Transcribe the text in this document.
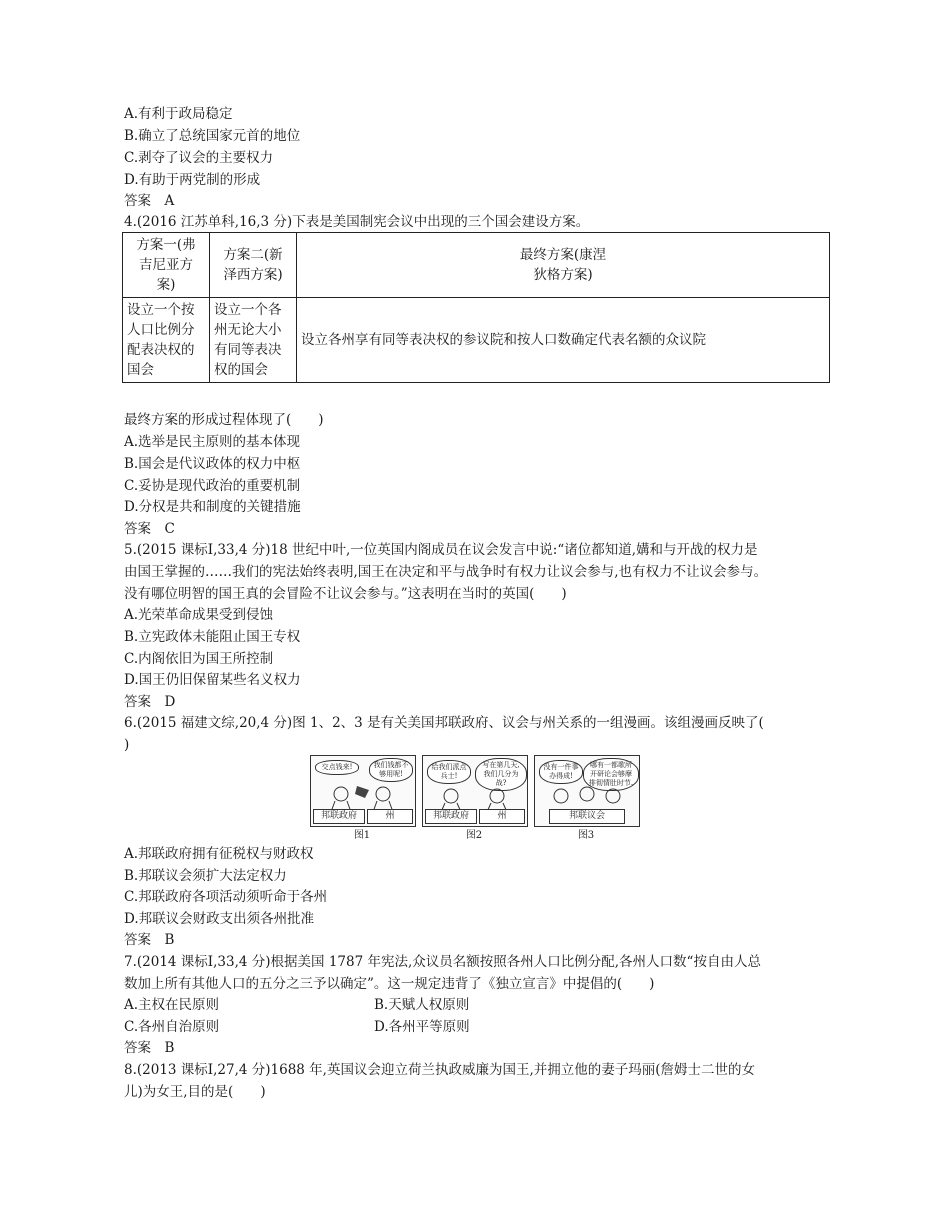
A.有利于政局稳定
B.确立了总统国家元首的地位
C.剥夺了议会的主要权力
D.有助于两党制的形成
答案　A
4.(2016 江苏单科,16,3 分)下表是美国制宪会议中出现的三个国会建设方案。
方案一(弗吉尼亚方案)	方案二(新泽西方案)	最终方案(康涅狄格方案)

设立一个按人口比例分配表决权的国会	设立一个各州无论大小有同等表决权的国会	设立各州享有同等表决权的参议院和按人口数确定代表名额的众议院
最终方案的形成过程体现了(　　)
A.选举是民主原则的基本体现
B.国会是代议政体的权力中枢
C.妥协是现代政治的重要机制
D.分权是共和制度的关键措施
答案　C
5.(2015 课标Ⅰ,33,4 分)18 世纪中叶,一位英国内阁成员在议会发言中说:“诸位都知道,媾和与开战的权力是
由国王掌握的……我们的宪法始终表明,国王在决定和平与战争时有权力让议会参与,也有权力不让议会参与。
没有哪位明智的国王真的会冒险不让议会参与。”这表明在当时的英国(　　)
A.光荣革命成果受到侵蚀
B.立宪政体未能阻止国王专权
C.内阁依旧为国王所控制
D.国王仍旧保留某些名义权力
答案　D
6.(2015 福建文综,20,4 分)图 1、2、3 是有关美国邦联政府、议会与州关系的一组漫画。该组漫画反映了(
)
交点钱来!	我们钱都不够用呢!
邦联政府	州
图1
给我们派点兵士!
写在第几天,我们几分为战?
邦联政府	州
图2
没有一件事办得成!
哪有一都歌所开研论会够摩排彻情肚时节.
邦联议会
图3
A.邦联政府拥有征税权与财政权
B.邦联议会须扩大法定权力
C.邦联政府各项活动须听命于各州
D.邦联议会财政支出须各州批准
答案　B
7.(2014 课标Ⅰ,33,4 分)根据美国 1787 年宪法,众议员名额按照各州人口比例分配,各州人口数“按自由人总
数加上所有其他人口的五分之三予以确定”。这一规定违背了《独立宣言》中提倡的(　　)
A.主权在民原则	B.天赋人权原则
C.各州自治原则	D.各州平等原则
答案　B
8.(2013 课标Ⅰ,27,4 分)1688 年,英国议会迎立荷兰执政威廉为国王,并拥立他的妻子玛丽(詹姆士二世的女
儿)为女王,目的是(　　)
